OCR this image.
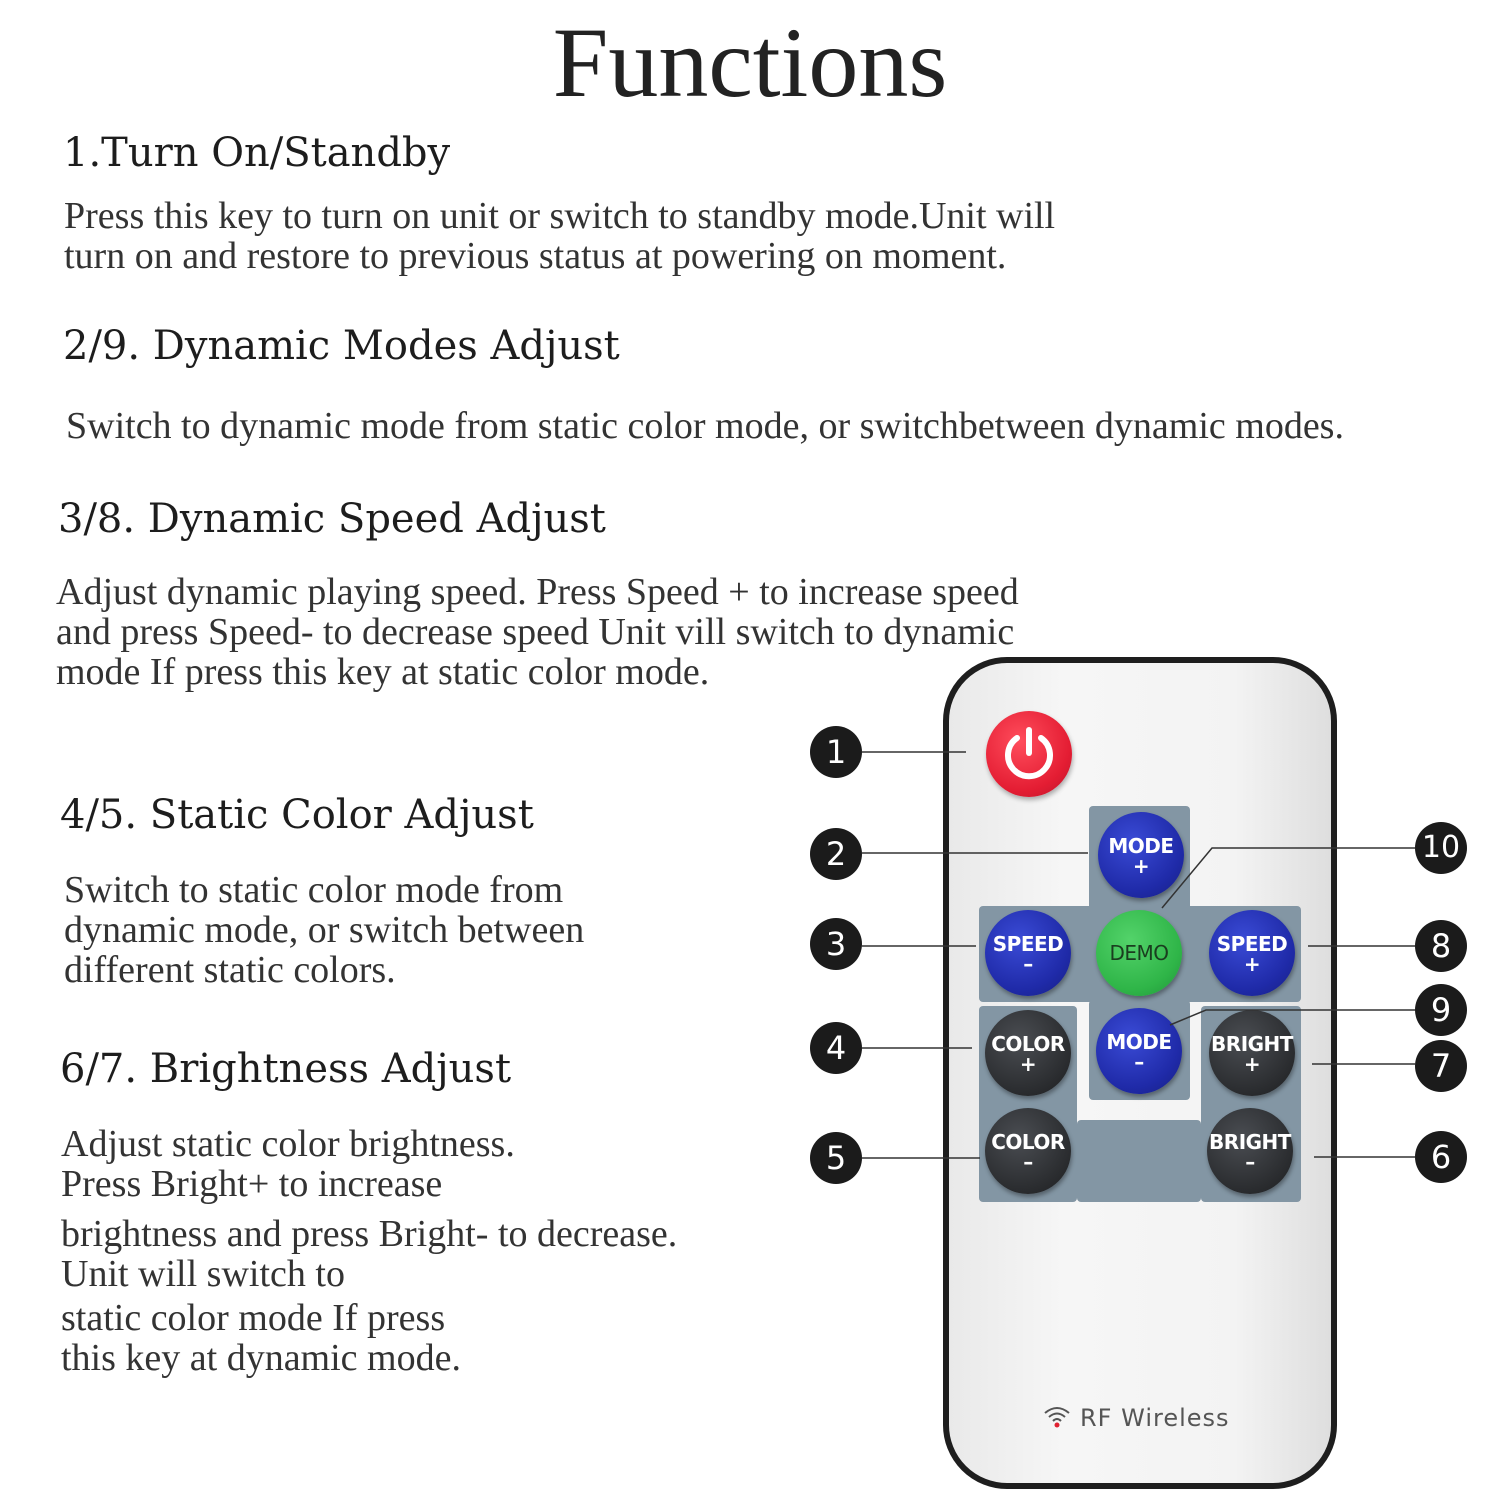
Functions
1.Turn On/Standby
Press this key to turn on unit or switch to standby mode.Unit will
turn on and restore to previous status at powering on moment.
2/9. Dynamic Modes Adjust
Switch to dynamic mode from static color mode, or switchbetween dynamic modes.
3/8. Dynamic Speed Adjust
Adjust dynamic playing speed. Press Speed + to increase speed
and press Speed- to decrease speed Unit vill switch to dynamic
mode If press this key at static color mode.
4/5. Static Color Adjust
Switch to static color mode from
dynamic mode, or switch between
different static colors.
6/7. Brightness Adjust
Adjust static color brightness.
Press Bright+ to increase
brightness and press Bright- to decrease.
Unit will switch to
static color mode If press
this key at dynamic mode.
MODE
+
SPEED
–	DEMO SPEED
+
COLOR
+
MODE
–
BRIGHT
+
COLOR
–
BRIGHT
–
RF Wireless
1
2
3
4
5
10
8
9
7
6
